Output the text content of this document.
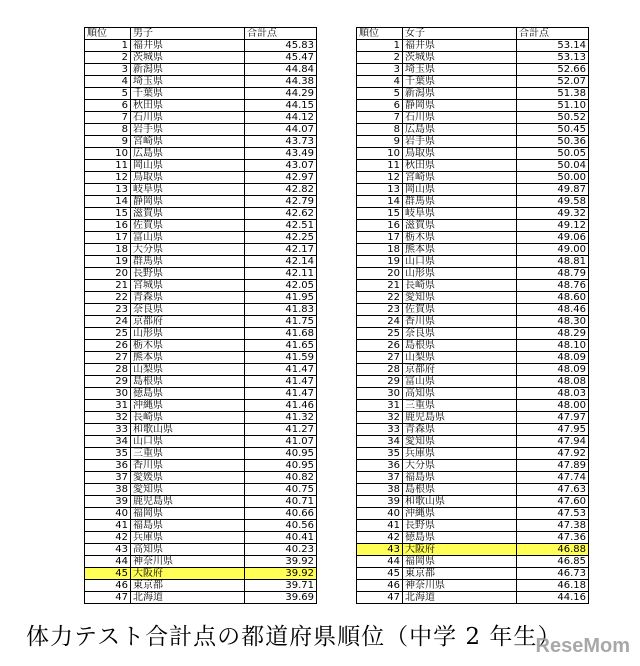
順位	男子	合計点
1	福井県	45.83
2	茨城県	45.47
3	新潟県	44.84
4	埼玉県	44.38
5	千葉県	44.29
6	秋田県	44.15
7	石川県	44.12
8	岩手県	44.07
9	宮崎県	43.73
10	広島県	43.49
11	岡山県	43.07
12	鳥取県	42.97
13	岐阜県	42.82
14	静岡県	42.79
15	滋賀県	42.62
16	佐賀県	42.51
17	富山県	42.25
18	大分県	42.17
19	群馬県	42.14
20	長野県	42.11
21	宮城県	42.05
22	青森県	41.95
23	奈良県	41.83
24	京都府	41.75
25	山形県	41.68
26	栃木県	41.65
27	熊本県	41.59
28	山梨県	41.47
29	島根県	41.47
30	徳島県	41.47
31	沖縄県	41.46
32	長崎県	41.32
33	和歌山県	41.27
34	山口県	41.07
35	三重県	40.95
36	香川県	40.95
37	愛媛県	40.82
38	愛知県	40.75
39	鹿児島県	40.71
40	福岡県	40.66
41	福島県	40.56
42	兵庫県	40.41
43	高知県	40.23
44	神奈川県	39.92
45	大阪府	39.92
46	東京都	39.71
47	北海道	39.69
順位	女子	合計点
1	福井県	53.14
2	茨城県	53.13
3	埼玉県	52.66
4	千葉県	52.07
5	新潟県	51.38
6	静岡県	51.10
7	石川県	50.52
8	広島県	50.45
9	岩手県	50.36
10	鳥取県	50.05
11	秋田県	50.04
12	宮崎県	50.00
13	岡山県	49.87
14	群馬県	49.58
15	岐阜県	49.32
16	滋賀県	49.12
17	栃木県	49.06
18	熊本県	49.00
19	山口県	48.81
20	山形県	48.79
21	長崎県	48.76
22	愛知県	48.60
23	佐賀県	48.46
24	香川県	48.30
25	奈良県	48.29
26	島根県	48.10
27	山梨県	48.09
28	京都府	48.09
29	富山県	48.08
30	高知県	48.03
31	三重県	48.00
32	鹿児島県	47.97
33	青森県	47.95
34	愛知県	47.94
35	兵庫県	47.92
36	大分県	47.89
37	福島県	47.74
38	島根県	47.63
39	和歌山県	47.60
40	沖縄県	47.53
41	長野県	47.38
42	徳島県	47.36
43	大阪府	46.88
44	福岡県	46.85
45	東京都	46.73
46	神奈川県	46.18
47	北海道	44.16
体力テスト合計点の都道府県順位（中学 2 年生）
ReseMom
